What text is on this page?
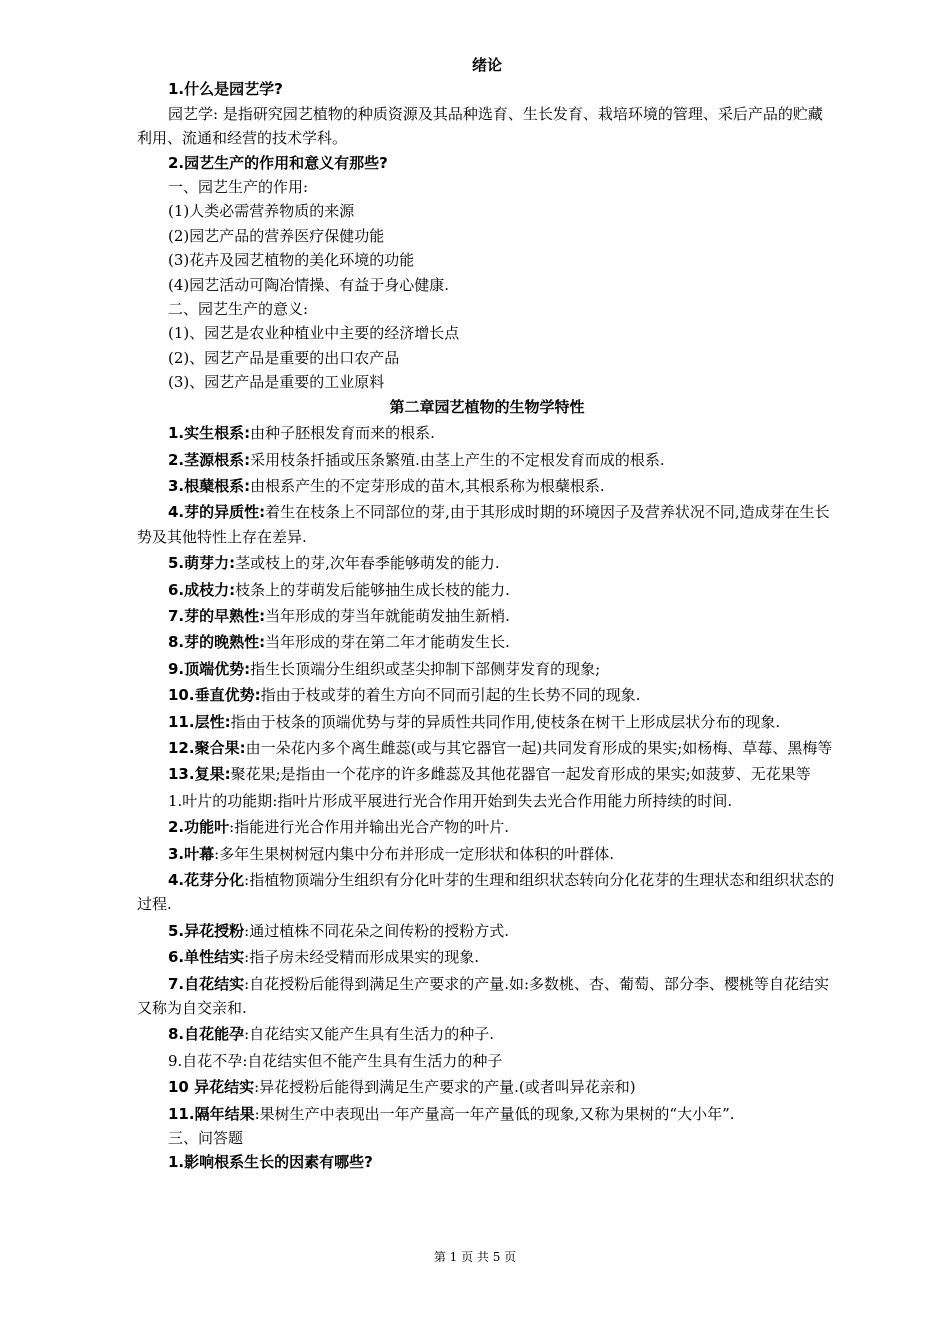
绪论
1.什么是园艺学?
园艺学: 是指研究园艺植物的种质资源及其品种选育、生长发育、栽培环境的管理、采后产品的贮藏利用、流通和经营的技术学科。
2.园艺生产的作用和意义有那些?
一、园艺生产的作用:
(1)人类必需营养物质的来源
(2)园艺产品的营养医疗保健功能
(3)花卉及园艺植物的美化环境的功能
(4)园艺活动可陶冶情操、有益于身心健康.
二、园艺生产的意义:
(1)、园艺是农业种植业中主要的经济增长点
(2)、园艺产品是重要的出口农产品
(3)、园艺产品是重要的工业原料
第二章园艺植物的生物学特性
1.实生根系:由种子胚根发育而来的根系.
2.茎源根系:采用枝条扦插或压条繁殖.由茎上产生的不定根发育而成的根系.
3.根蘖根系:由根系产生的不定芽形成的苗木,其根系称为根蘖根系.
4.芽的异质性:着生在枝条上不同部位的芽,由于其形成时期的环境因子及营养状况不同,造成芽在生长势及其他特性上存在差异.
5.萌芽力:茎或枝上的芽,次年春季能够萌发的能力.
6.成枝力:枝条上的芽萌发后能够抽生成长枝的能力.
7.芽的早熟性:当年形成的芽当年就能萌发抽生新梢.
8.芽的晚熟性:当年形成的芽在第二年才能萌发生长.
9.顶端优势:指生长顶端分生组织或茎尖抑制下部侧芽发育的现象;
10.垂直优势:指由于枝或芽的着生方向不同而引起的生长势不同的现象.
11.层性:指由于枝条的顶端优势与芽的异质性共同作用,使枝条在树干上形成层状分布的现象.
12.聚合果:由一朵花内多个离生雌蕊(或与其它器官一起)共同发育形成的果实;如杨梅、草莓、黑梅等
13.复果:聚花果;是指由一个花序的许多雌蕊及其他花器官一起发育形成的果实;如菠萝、无花果等
1.叶片的功能期:指叶片形成平展进行光合作用开始到失去光合作用能力所持续的时间.
2.功能叶:指能进行光合作用并输出光合产物的叶片.
3.叶幕:多年生果树树冠内集中分布并形成一定形状和体积的叶群体.
4.花芽分化:指植物顶端分生组织有分化叶芽的生理和组织状态转向分化花芽的生理状态和组织状态的过程.
5.异花授粉:通过植株不同花朵之间传粉的授粉方式.
6.单性结实:指子房未经受精而形成果实的现象.
7.自花结实:自花授粉后能得到满足生产要求的产量.如:多数桃、杏、葡萄、部分李、樱桃等自花结实又称为自交亲和.
8.自花能孕:自花结实又能产生具有生活力的种子.
9.自花不孕:自花结实但不能产生具有生活力的种子
10 异花结实:异花授粉后能得到满足生产要求的产量.(或者叫异花亲和)
11.隔年结果:果树生产中表现出一年产量高一年产量低的现象,又称为果树的“大小年”.
三、问答题
1.影响根系生长的因素有哪些?
第 1 页 共 5 页
